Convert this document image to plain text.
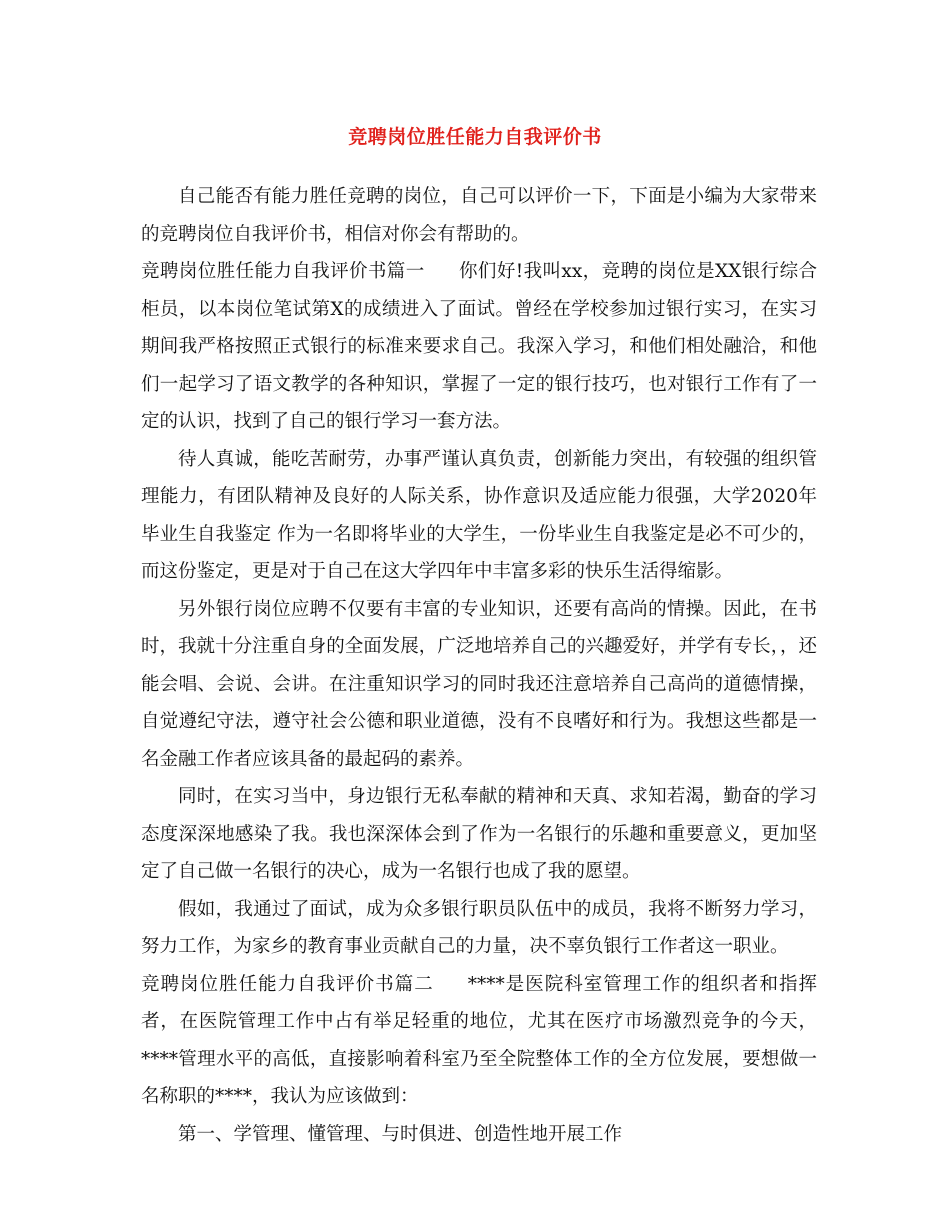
竞聘岗位胜任能力自我评价书

自己能否有能力胜任竞聘的岗位，自己可以评价一下，下面是小编为大家带来的竞聘岗位自我评价书，相信对你会有帮助的。

竞聘岗位胜任能力自我评价书篇一 你们好!我叫xx，竞聘的岗位是XX银行综合柜员，以本岗位笔试第X的成绩进入了面试。曾经在学校参加过银行实习，在实习期间我严格按照正式银行的标准来要求自己。我深入学习，和他们相处融洽，和他们一起学习了语文教学的各种知识，掌握了一定的银行技巧，也对银行工作有了一定的认识，找到了自己的银行学习一套方法。

待人真诚，能吃苦耐劳，办事严谨认真负责，创新能力突出，有较强的组织管理能力，有团队精神及良好的人际关系，协作意识及适应能力很强，大学2020年毕业生自我鉴定 作为一名即将毕业的大学生，一份毕业生自我鉴定是必不可少的，而这份鉴定，更是对于自己在这大学四年中丰富多彩的快乐生活得缩影。

另外银行岗位应聘不仅要有丰富的专业知识，还要有高尚的情操。因此，在书时，我就十分注重自身的全面发展，广泛地培养自己的兴趣爱好，并学有专长，，还能会唱、会说、会讲。在注重知识学习的同时我还注意培养自己高尚的道德情操，自觉遵纪守法，遵守社会公德和职业道德，没有不良嗜好和行为。我想这些都是一名金融工作者应该具备的最起码的素养。

同时，在实习当中，身边银行无私奉献的精神和天真、求知若渴，勤奋的学习态度深深地感染了我。我也深深体会到了作为一名银行的乐趣和重要意义，更加坚定了自己做一名银行的决心，成为一名银行也成了我的愿望。

假如，我通过了面试，成为众多银行职员队伍中的成员，我将不断努力学习，努力工作，为家乡的教育事业贡献自己的力量，决不辜负银行工作者这一职业。

竞聘岗位胜任能力自我评价书篇二 ****是医院科室管理工作的组织者和指挥者，在医院管理工作中占有举足轻重的地位，尤其在医疗市场激烈竞争的今天，****管理水平的高低，直接影响着科室乃至全院整体工作的全方位发展，要想做一名称职的****，我认为应该做到：

第一、学管理、懂管理、与时俱进、创造性地开展工作
